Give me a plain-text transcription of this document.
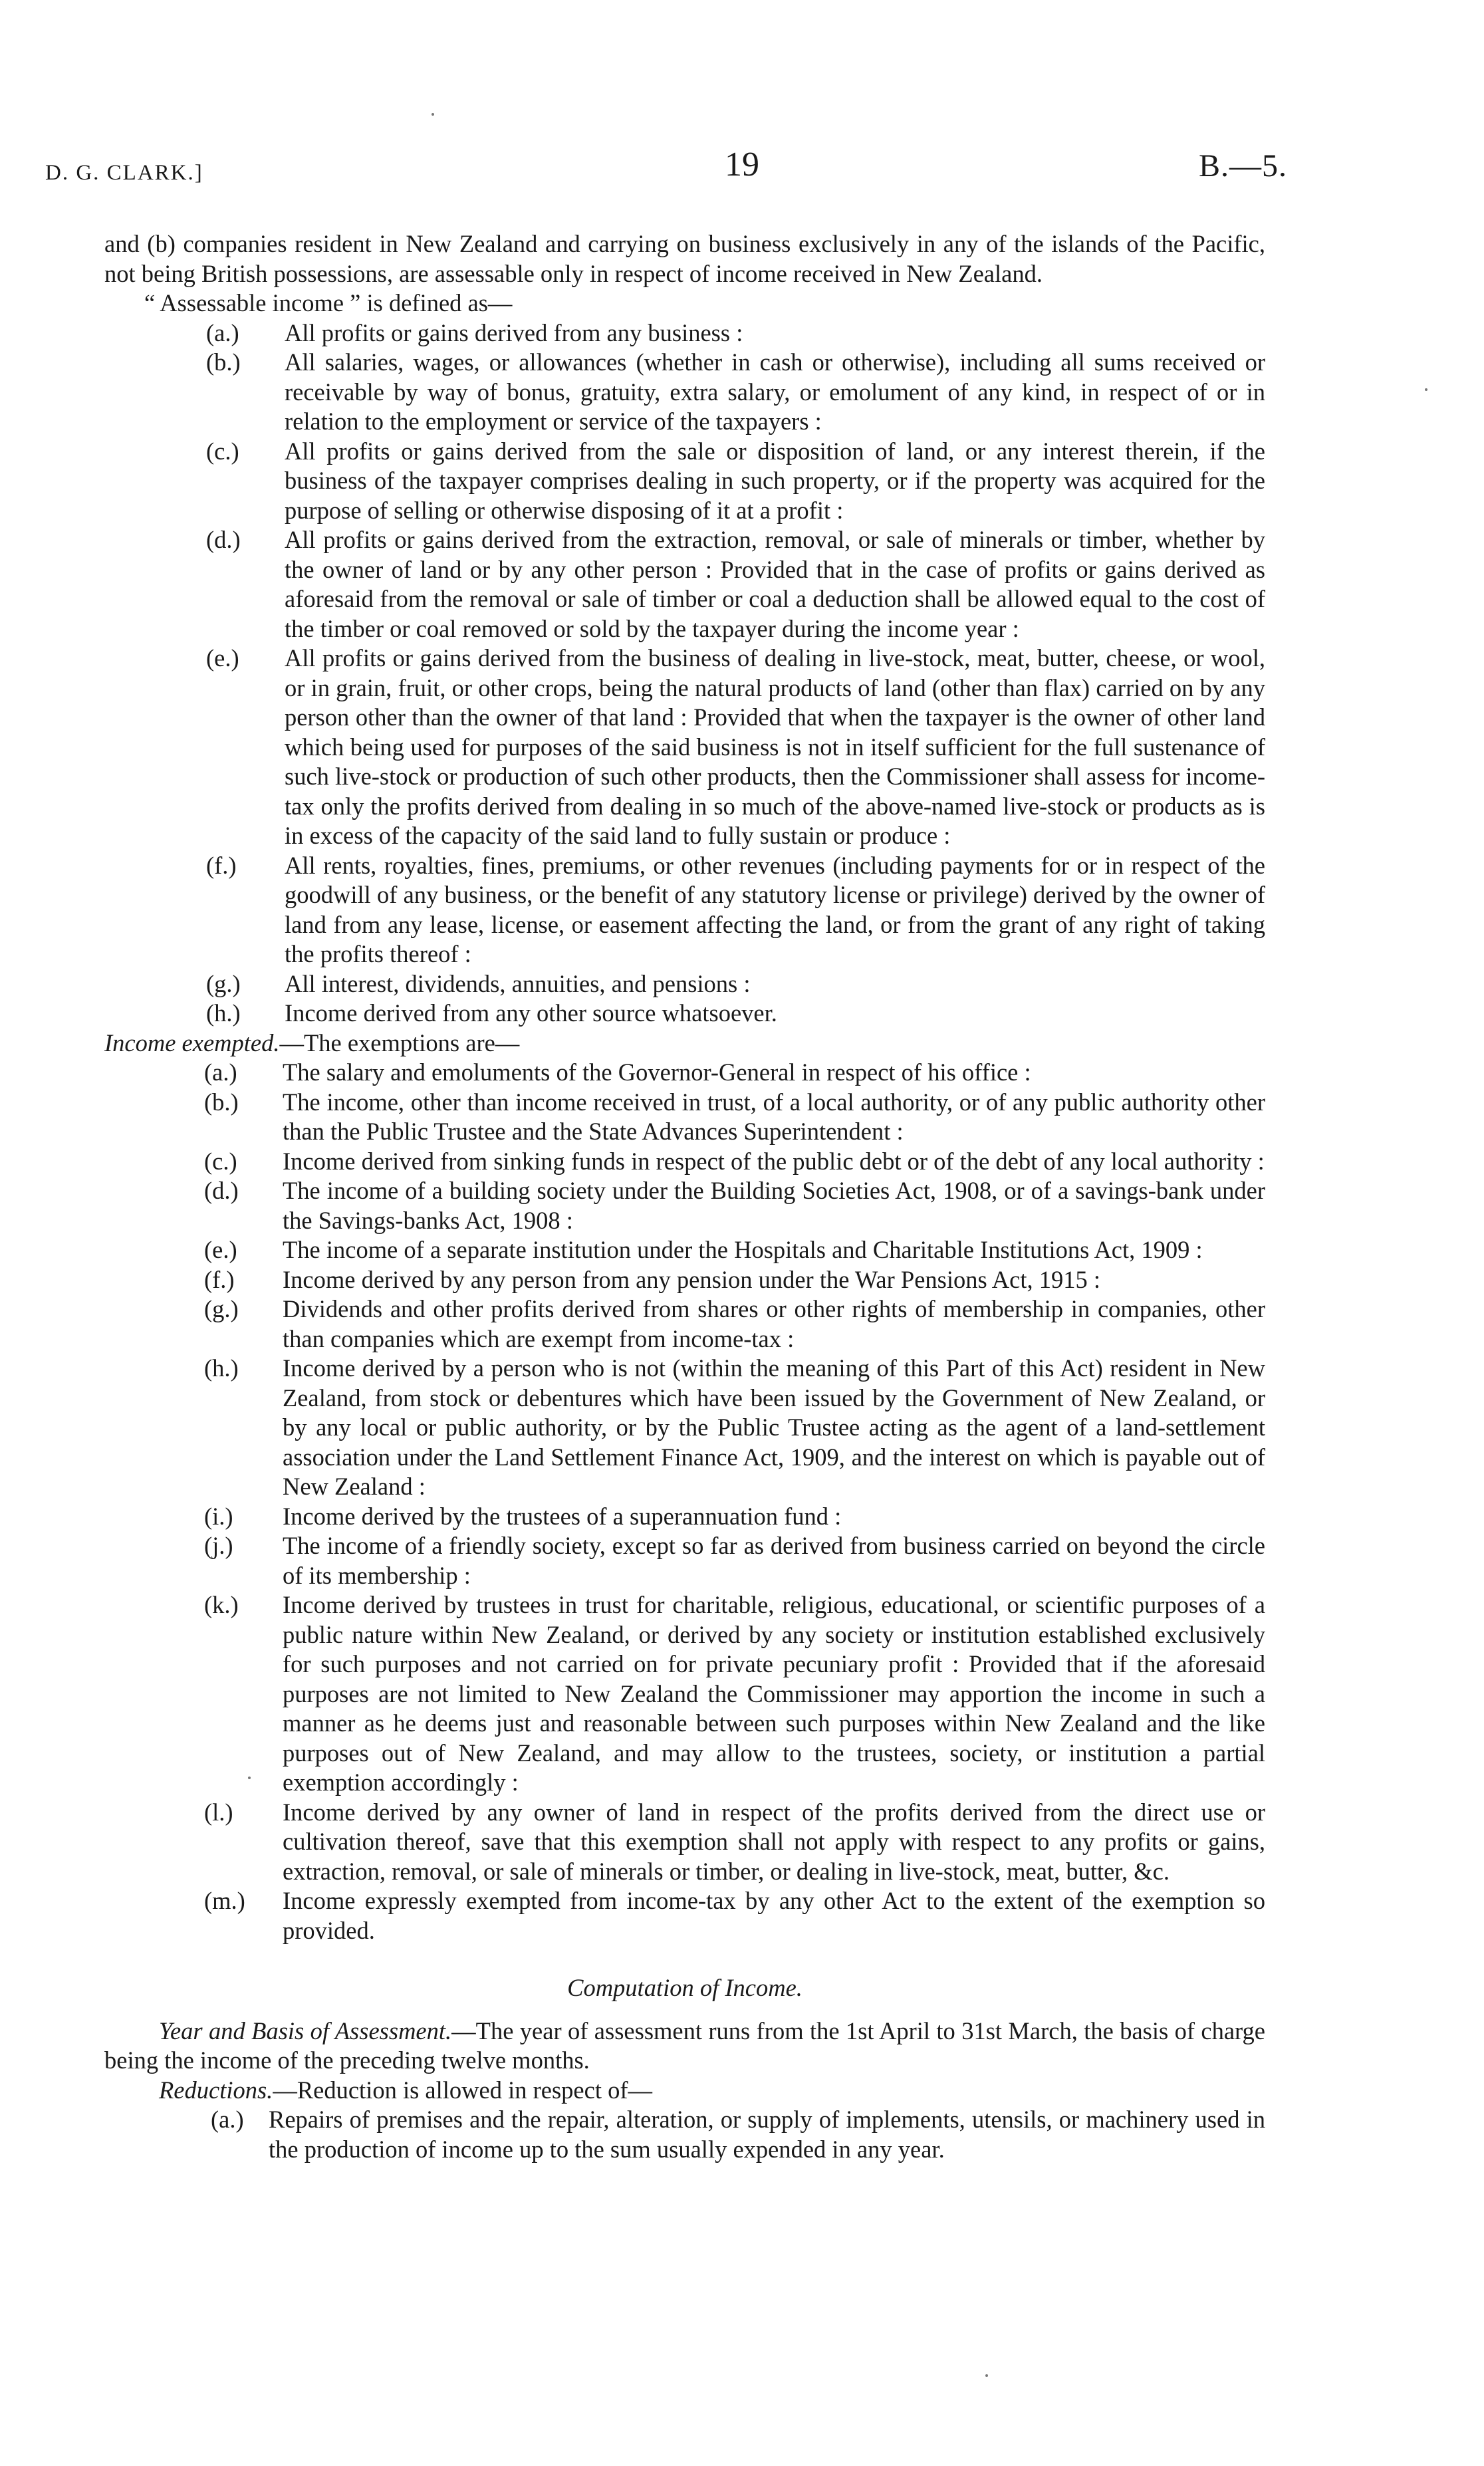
D. G. CLARK.]	19	B.—5.

and (b) companies resident in New Zealand and carrying on business exclusively in any of the islands of the Pacific, not being British possessions, are assessable only in respect of income received in New Zealand.

“ Assessable income ” is defined as—

(a.) All profits or gains derived from any business :
(b.) All salaries, wages, or allowances (whether in cash or otherwise), including all sums received or receivable by way of bonus, gratuity, extra salary, or emolument of any kind, in respect of or in relation to the employment or service of the taxpayers :
(c.) All profits or gains derived from the sale or disposition of land, or any interest therein, if the business of the taxpayer comprises dealing in such property, or if the property was acquired for the purpose of selling or otherwise disposing of it at a profit :
(d.) All profits or gains derived from the extraction, removal, or sale of minerals or timber, whether by the owner of land or by any other person : Provided that in the case of profits or gains derived as aforesaid from the removal or sale of timber or coal a deduction shall be allowed equal to the cost of the timber or coal removed or sold by the taxpayer during the income year :
(e.) All profits or gains derived from the business of dealing in live-stock, meat, butter, cheese, or wool, or in grain, fruit, or other crops, being the natural products of land (other than flax) carried on by any person other than the owner of that land : Provided that when the taxpayer is the owner of other land which being used for purposes of the said business is not in itself sufficient for the full sustenance of such live-stock or production of such other products, then the Commissioner shall assess for income-tax only the profits derived from dealing in so much of the above-named live-stock or products as is in excess of the capacity of the said land to fully sustain or produce :
(f.) All rents, royalties, fines, premiums, or other revenues (including payments for or in respect of the goodwill of any business, or the benefit of any statutory license or privilege) derived by the owner of land from any lease, license, or easement affecting the land, or from the grant of any right of taking the profits thereof :
(g.) All interest, dividends, annuities, and pensions :
(h.) Income derived from any other source whatsoever.

Income exempted.—The exemptions are—

(a.) The salary and emoluments of the Governor-General in respect of his office :
(b.) The income, other than income received in trust, of a local authority, or of any public authority other than the Public Trustee and the State Advances Superintendent :
(c.) Income derived from sinking funds in respect of the public debt or of the debt of any local authority :
(d.) The income of a building society under the Building Societies Act, 1908, or of a savings-bank under the Savings-banks Act, 1908 :
(e.) The income of a separate institution under the Hospitals and Charitable Institutions Act, 1909 :
(f.) Income derived by any person from any pension under the War Pensions Act, 1915 :
(g.) Dividends and other profits derived from shares or other rights of membership in companies, other than companies which are exempt from income-tax :
(h.) Income derived by a person who is not (within the meaning of this Part of this Act) resident in New Zealand, from stock or debentures which have been issued by the Government of New Zealand, or by any local or public authority, or by the Public Trustee acting as the agent of a land-settlement association under the Land Settlement Finance Act, 1909, and the interest on which is payable out of New Zealand :
(i.) Income derived by the trustees of a superannuation fund :
(j.) The income of a friendly society, except so far as derived from business carried on beyond the circle of its membership :
(k.) Income derived by trustees in trust for charitable, religious, educational, or scientific purposes of a public nature within New Zealand, or derived by any society or institution established exclusively for such purposes and not carried on for private pecuniary profit : Provided that if the aforesaid purposes are not limited to New Zealand the Commissioner may apportion the income in such a manner as he deems just and reasonable between such purposes within New Zealand and the like purposes out of New Zealand, and may allow to the trustees, society, or institution a partial exemption accordingly :
(l.) Income derived by any owner of land in respect of the profits derived from the direct use or cultivation thereof, save that this exemption shall not apply with respect to any profits or gains, extraction, removal, or sale of minerals or timber, or dealing in live-stock, meat, butter, &c.
(m.) Income expressly exempted from income-tax by any other Act to the extent of the exemption so provided.

Computation of Income.

Year and Basis of Assessment.—The year of assessment runs from the 1st April to 31st March, the basis of charge being the income of the preceding twelve months.

Reductions.—Reduction is allowed in respect of—

(a.) Repairs of premises and the repair, alteration, or supply of implements, utensils, or machinery used in the production of income up to the sum usually expended in any year.
